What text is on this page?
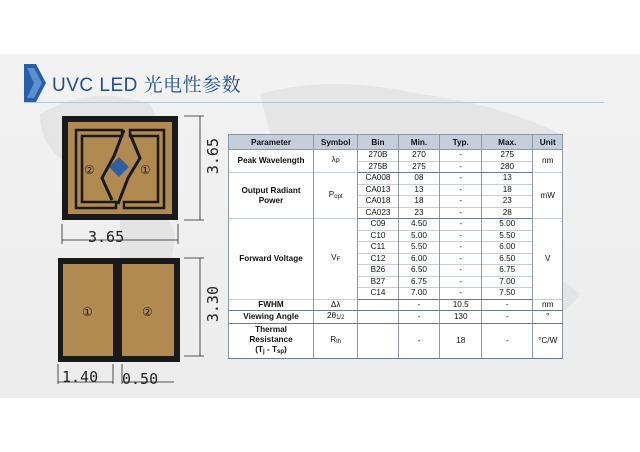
UVC LED 光电性参数
②	①	3.65
3.65
①	②	3.30
1.40 0.50
Parameter	Symbol	Bin	Min.	Typ.	Max.	Unit
Peak Wavelength	$\lambda_P$	270B	270	-	275	nm
		275B	275	-	280	
Output Radiant
Power	$P_{opt}$	CA008	08	-	13	mW
		CA013	13	-	18	
		CA018	18	-	23	
		CA023	23	-	28	
Forward Voltage	$V_F$	C09	4.50	-	5.00	V
		C10	5.00	-	5.50	
		C11	5.50	-	6.00	
		C12	6.00	-	6.50	
		B26	6.50	-	6.75	
		B27	6.75	-	7.00	
		C14	7.00	-	7.50	
FWHM	Δλ		-	10.5	-	nm
Viewing Angle	$2\theta_{1/2}$		-	130	-	°
Thermal
Resistance
$(T_j - T_{sp})$	$R_{th}$		-	18	-	°C/W
